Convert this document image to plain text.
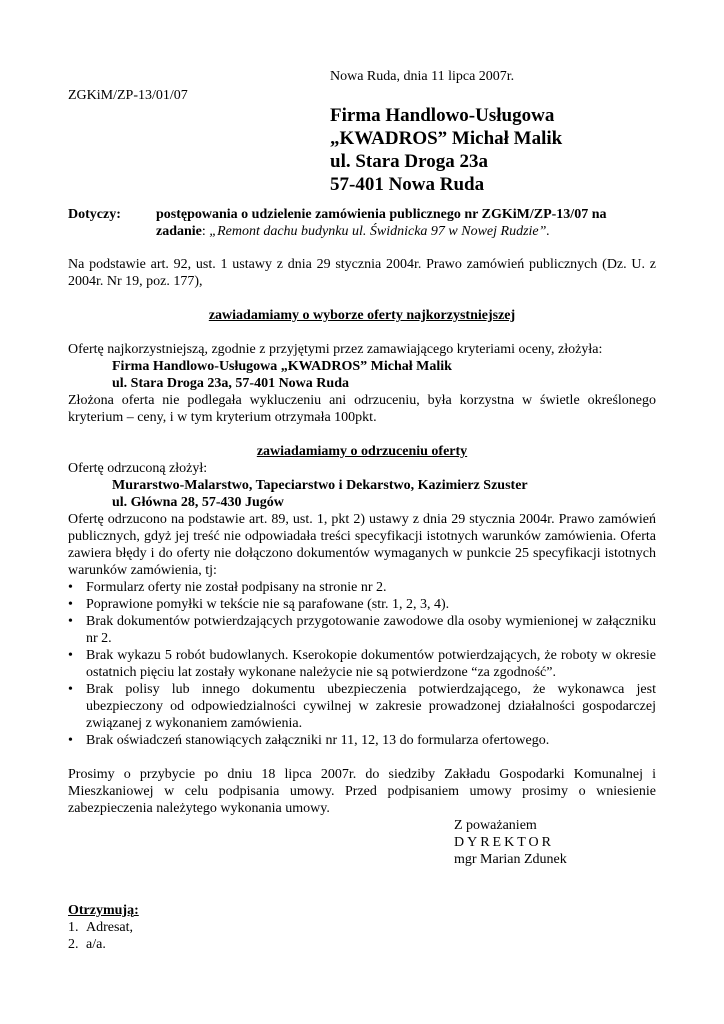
Nowa Ruda, dnia 11 lipca 2007r.
ZGKiM/ZP-13/01/07
Firma Handlowo-Usługowa
„KWADROS” Michał Malik
ul. Stara Droga 23a
57-401 Nowa Ruda
Dotyczy:	postępowania o udzielenie zamówienia publicznego nr ZGKiM/ZP-13/07 na
zadanie: „Remont dachu budynku ul. Świdnicka 97 w Nowej Rudzie”.

Na podstawie art. 92, ust. 1 ustawy z dnia 29 stycznia 2004r. Prawo zamówień publicznych (Dz. U. z 2004r. Nr 19, poz. 177),

zawiadamiamy o wyborze oferty najkorzystniejszej

Ofertę najkorzystniejszą, zgodnie z przyjętymi przez zamawiającego kryteriami oceny, złożyła:

Firma Handlowo-Usługowa „KWADROS” Michał Malik

ul. Stara Droga 23a, 57-401 Nowa Ruda

Złożona oferta nie podlegała wykluczeniu ani odrzuceniu, była korzystna w świetle określonego kryterium – ceny, i w tym kryterium otrzymała 100pkt.

zawiadamiamy o odrzuceniu oferty

Ofertę odrzuconą złożył:

Murarstwo-Malarstwo, Tapeciarstwo i Dekarstwo, Kazimierz Szuster

ul. Główna 28, 57-430 Jugów

Ofertę odrzucono na podstawie art. 89, ust. 1, pkt 2) ustawy z dnia 29 stycznia 2004r. Prawo zamówień publicznych, gdyż jej treść nie odpowiadała treści specyfikacji istotnych warunków zamówienia. Oferta zawiera błędy i do oferty nie dołączono dokumentów wymaganych w punkcie 25 specyfikacji istotnych warunków zamówienia, tj:

• Formularz oferty nie został podpisany na stronie nr 2.
• Poprawione pomyłki w tekście nie są parafowane (str. 1, 2, 3, 4).
• Brak dokumentów potwierdzających przygotowanie zawodowe dla osoby wymienionej w załączniku nr 2.
• Brak wykazu 5 robót budowlanych. Kserokopie dokumentów potwierdzających, że roboty w okresie ostatnich pięciu lat zostały wykonane należycie nie są potwierdzone “za zgodność”.
• Brak polisy lub innego dokumentu ubezpieczenia potwierdzającego, że wykonawca jest ubezpieczony od odpowiedzialności cywilnej w zakresie prowadzonej działalności gospodarczej związanej z wykonaniem zamówienia.
• Brak oświadczeń stanowiących załączniki nr 11, 12, 13 do formularza ofertowego.

Prosimy o przybycie po dniu 18 lipca 2007r. do siedziby Zakładu Gospodarki Komunalnej i Mieszkaniowej w celu podpisania umowy. Przed podpisaniem umowy prosimy o wniesienie zabezpieczenia należytego wykonania umowy.

Z poważaniem
DYREKTOR
mgr Marian Zdunek

Otrzymują:

1. Adresat,
2. a/a.
